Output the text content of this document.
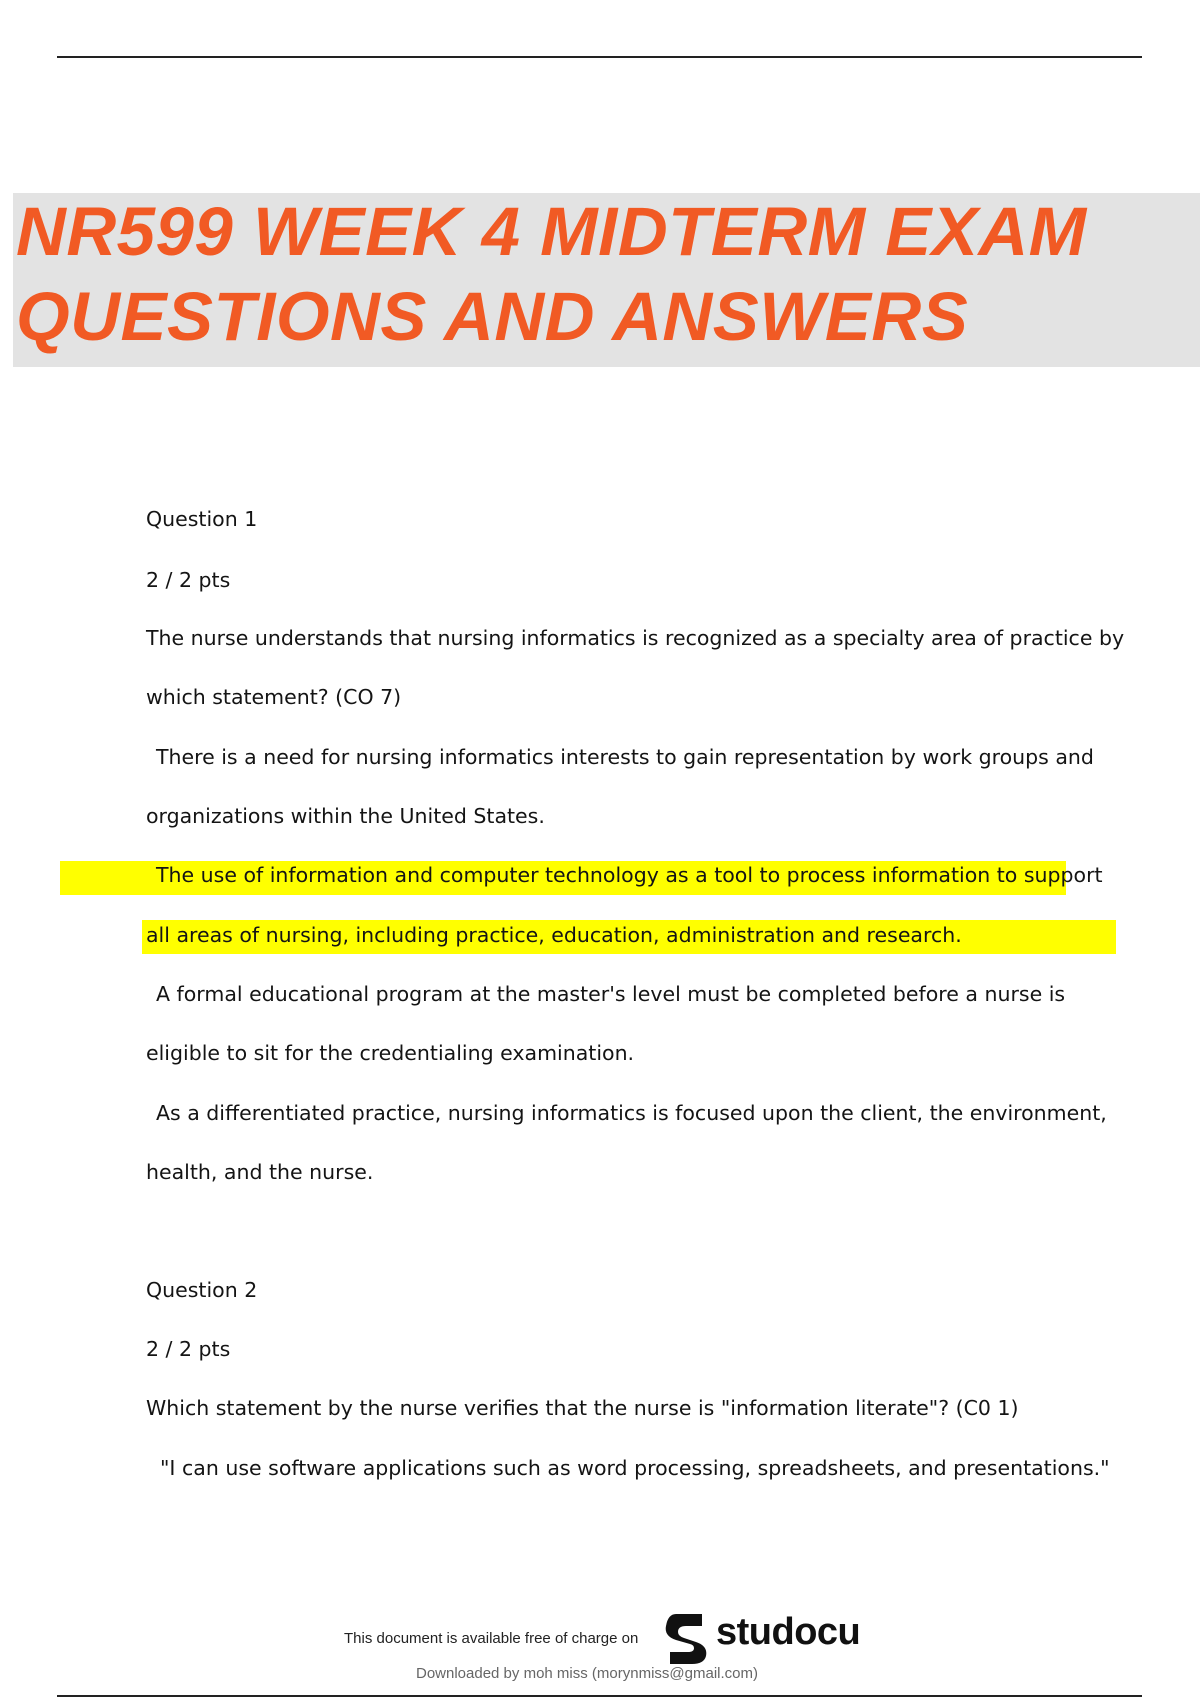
NR599 WEEK 4 MIDTERM EXAM
QUESTIONS AND ANSWERS
Question 1
2 / 2 pts
The nurse understands that nursing informatics is recognized as a specialty area of practice by
which statement? (CO 7)
There is a need for nursing informatics interests to gain representation by work groups and
organizations within the United States.
The use of information and computer technology as a tool to process information to support
all areas of nursing, including practice, education, administration and research.
A formal educational program at the master's level must be completed before a nurse is
eligible to sit for the credentialing examination.
As a differentiated practice, nursing informatics is focused upon the client, the environment,
health, and the nurse.
Question 2
2 / 2 pts
Which statement by the nurse verifies that the nurse is "information literate"? (C0 1)
"I can use software applications such as word processing, spreadsheets, and presentations."
This document is available free of charge on studocu
Downloaded by moh miss (morynmiss@gmail.com)
